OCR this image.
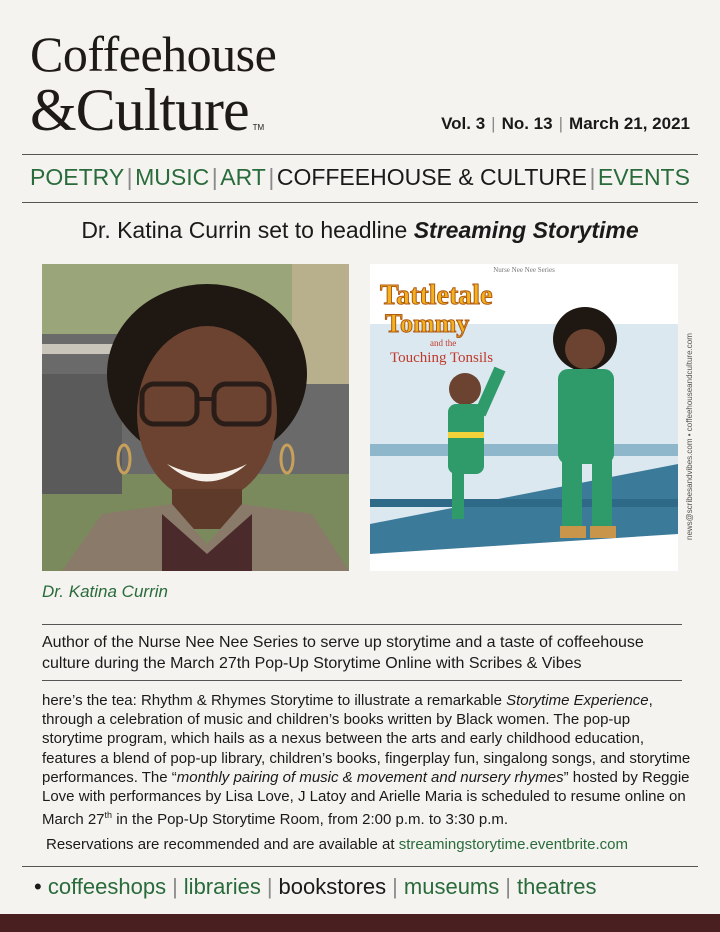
Coffeehouse
&Culture TM	Vol. 3 | No. 13 | March 21, 2021
POETRY | MUSIC | ART | COFFEEHOUSE & CULTURE | EVENTS
Dr. Katina Currin set to headline Streaming Storytime
Nurse Nee Nee Series
Tattletale
Tommy
and the
Touching Tonsils
Dr. Katina J. Currin, DNP, APRN, CRNA
news@scribesandvibes.com • coffeehouseandculture.com
Dr. Katina Currin
Author of the Nurse Nee Nee Series to serve up storytime and a taste of coffeehouse culture during the March 27th Pop-Up Storytime Online with Scribes & Vibes
here’s the tea: Rhythm & Rhymes Storytime to illustrate a remarkable Storytime Experience, through a celebration of music and children’s books written by Black women. The pop-up storytime program, which hails as a nexus between the arts and early childhood education, features a blend of pop-up library, children’s books, fingerplay fun, singalong songs, and storytime performances. The “monthly pairing of music & movement and nursery rhymes” hosted by Reggie Love with performances by Lisa Love, J Latoy and Arielle Maria is scheduled to resume online on March 27th in the Pop-Up Storytime Room, from 2:00 p.m. to 3:30 p.m.
Reservations are recommended and are available at streamingstorytime.eventbrite.com
• coffeeshops | libraries | bookstores | museums | theatres
